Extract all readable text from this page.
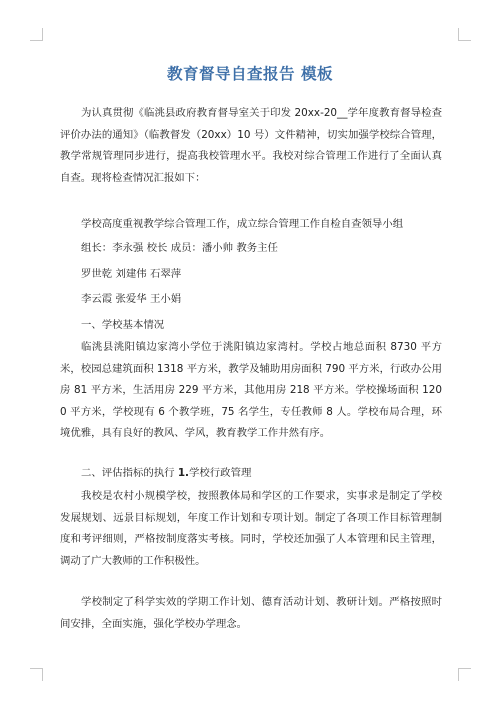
教育督导自查报告 模板

为认真贯彻《临洮县政府教育督导室关于印发 20xx-20__学年度教育督导检查评价办法的通知》（临教督发（20xx）10 号）文件精神，切实加强学校综合管理，教学常规管理同步进行，提高我校管理水平。我校对综合管理工作进行了全面认真自查。现将检查情况汇报如下：

学校高度重视教学综合管理工作，成立综合管理工作自检自查领导小组

组长：李永强 校长 成员：潘小帅 教务主任

罗世乾 刘建伟 石翠萍

李云霞 张爱华 王小娟

一、学校基本情况

临洮县洮阳镇边家湾小学位于洮阳镇边家湾村。学校占地总面积 8730 平方米，校园总建筑面积 1318 平方米，教学及辅助用房面积 790 平方米，行政办公用房 81 平方米，生活用房 229 平方米，其他用房 218 平方米。学校操场面积 1200 平方米，学校现有 6 个教学班，75 名学生，专任教师 8 人。学校布局合理，环境优雅，具有良好的教风、学风，教育教学工作井然有序。

二、评估指标的执行 1.学校行政管理

我校是农村小规模学校，按照教体局和学区的工作要求，实事求是制定了学校发展规划、远景目标规划，年度工作计划和专项计划。制定了各项工作目标管理制度和考评细则，严格按制度落实考核。同时，学校还加强了人本管理和民主管理，调动了广大教师的工作积极性。

学校制定了科学实效的学期工作计划、德育活动计划、教研计划。严格按照时间安排，全面实施，强化学校办学理念。
